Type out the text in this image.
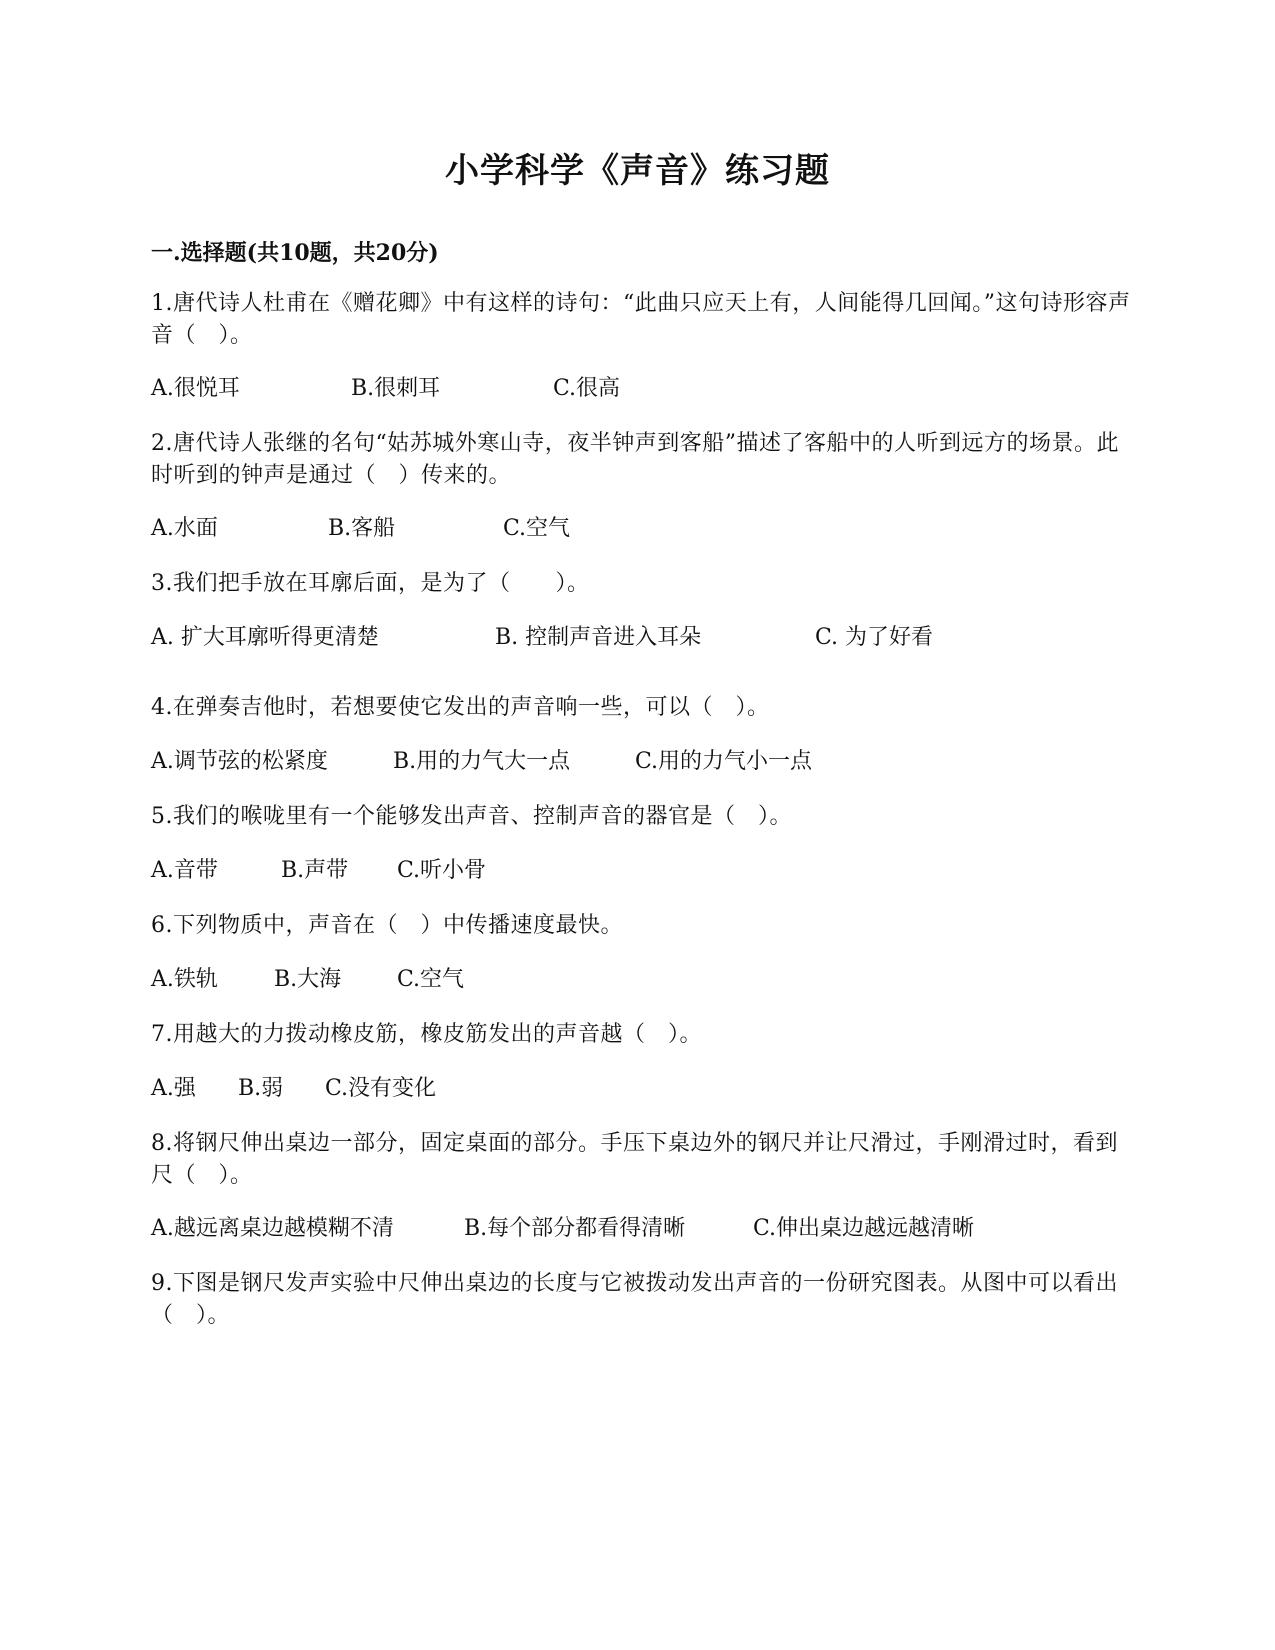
小学科学《声音》练习题
一.选择题(共10题，共20分)
1.唐代诗人杜甫在《赠花卿》中有这样的诗句：“此曲只应天上有，人间能得几回闻。”这句诗形容声音（　）。
A.很悦耳	B.很刺耳	C.很高
2.唐代诗人张继的名句“姑苏城外寒山寺，夜半钟声到客船”描述了客船中的人听到远方的场景。此时听到的钟声是通过（　）传来的。
A.水面	B.客船	C.空气
3.我们把手放在耳廓后面，是为了（　　）。
A. 扩大耳廓听得更清楚	B. 控制声音进入耳朵	C. 为了好看
4.在弹奏吉他时，若想要使它发出的声音响一些，可以（　）。
A.调节弦的松紧度	B.用的力气大一点	C.用的力气小一点
5.我们的喉咙里有一个能够发出声音、控制声音的器官是（　）。
A.音带	B.声带 C.听小骨
6.下列物质中，声音在（　）中传播速度最快。
A.铁轨	B.大海	C.空气
7.用越大的力拨动橡皮筋，橡皮筋发出的声音越（　）。
A.强 B.弱 C.没有变化
8.将钢尺伸出桌边一部分，固定桌面的部分。手压下桌边外的钢尺并让尺滑过，手刚滑过时，看到尺（　）。
A.越远离桌边越模糊不清	B.每个部分都看得清晰	C.伸出桌边越远越清晰
9.下图是钢尺发声实验中尺伸出桌边的长度与它被拨动发出声音的一份研究图表。从图中可以看出（　）。
